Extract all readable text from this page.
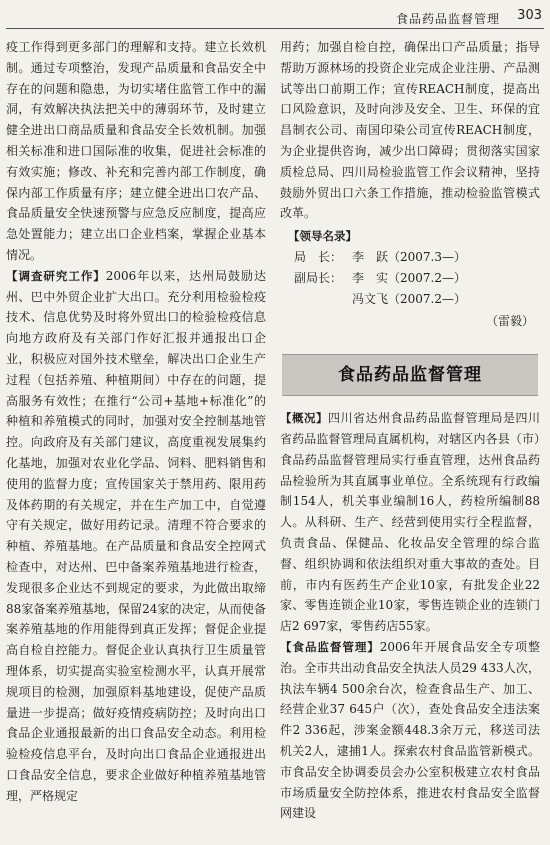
食品药品监督管理 303

疫工作得到更多部门的理解和支持。建立长效机制。通过专项整治，发现产品质量和食品安全中存在的问题和隐患，为切实堵住监管工作中的漏洞，有效解决执法把关中的薄弱环节，及时建立健全进出口商品质量和食品安全长效机制。加强相关标准和进口国际准的收集，促进社会标准的有效实施；修改、补充和完善内部工作制度，确保内部工作质量有序；建立健全进出口农产品、食品质量安全快速预警与应急反应制度，提高应急处置能力；建立出口企业档案，掌握企业基本情况。

【调查研究工作】2006年以来，达州局鼓励达州、巴中外贸企业扩大出口。充分利用检验检疫技术、信息优势及时将外贸出口的检验检疫信息向地方政府及有关部门作好汇报并通报出口企业，积极应对国外技术壁垒，解决出口企业生产过程（包括养殖、种植期间）中存在的问题，提高服务有效性；在推行“公司+基地+标准化”的种植和养殖模式的同时，加强对安全控制基地管控。向政府及有关部门建议，高度重视发展集约化基地，加强对农业化学品、饲料、肥料销售和使用的监督力度；宣传国家关于禁用药、限用药及体药期的有关规定，并在生产加工中，自觉遵守有关规定，做好用药记录。清理不符合要求的种植、养殖基地。在产品质量和食品安全控网式检查中，对达州、巴中备案养殖基地进行检查，发现很多企业达不到规定的要求，为此做出取缔88家备案养殖基地，保留24家的决定，从而使备案养殖基地的作用能得到真正发挥；督促企业提高自检自控能力。督促企业认真执行卫生质量管理体系，切实提高实验室检测水平，认真开展常规项目的检测，加强原料基地建设，促使产品质量进一步提高；做好疫情疫病防控；及时向出口食品企业通报最新的出口食品安全动态。利用检验检疫信息平台，及时向出口食品企业通报进出口食品安全信息，要求企业做好种植养殖基地管理，严格规定

用药；加强自检自控，确保出口产品质量；指导帮助万源林场的投资企业完成企业注册、产品测试等出口前期工作；宣传REACH制度，提高出口风险意识，及时向涉及安全、卫生、环保的宜昌制衣公司、南国印染公司宣传REACH制度，为企业提供咨询，减少出口障碍；贯彻落实国家质检总局、四川局检验监管工作会议精神，坚持鼓励外贸出口六条工作措施，推动检验监管模式改革。

【领导名录】
局　长： 李　跃（2007.3—）
副局长： 李　实（2007.2—）
冯文飞（2007.2—）
（雷毅）
食品药品监督管理

【概况】四川省达州食品药品监督管理局是四川省药品监督管理局直属机构，对辖区内各县（市）食品药品监督管理局实行垂直管理，达州食品药品检验所为其直属事业单位。全系统现有行政编制154人，机关事业编制16人，药检所编制88人。从科研、生产、经营到使用实行全程监督，负责食品、保健品、化妆品安全管理的综合监督、组织协调和依法组织对重大事故的查处。目前，市内有医药生产企业10家，有批发企业22家、零售连锁企业10家，零售连锁企业的连锁门店2 697家，零售药店55家。

【食品监督管理】2006年开展食品安全专项整治。全市共出动食品安全执法人员29 433人次，执法车辆4 500余台次，检查食品生产、加工、经营企业37 645户（次），查处食品安全违法案件2 336起，涉案金额448.3余万元，移送司法机关2人，逮捕1人。探索农村食品监管新模式。市食品安全协调委员会办公室积极建立农村食品市场质量安全防控体系，推进农村食品安全监督网建设
